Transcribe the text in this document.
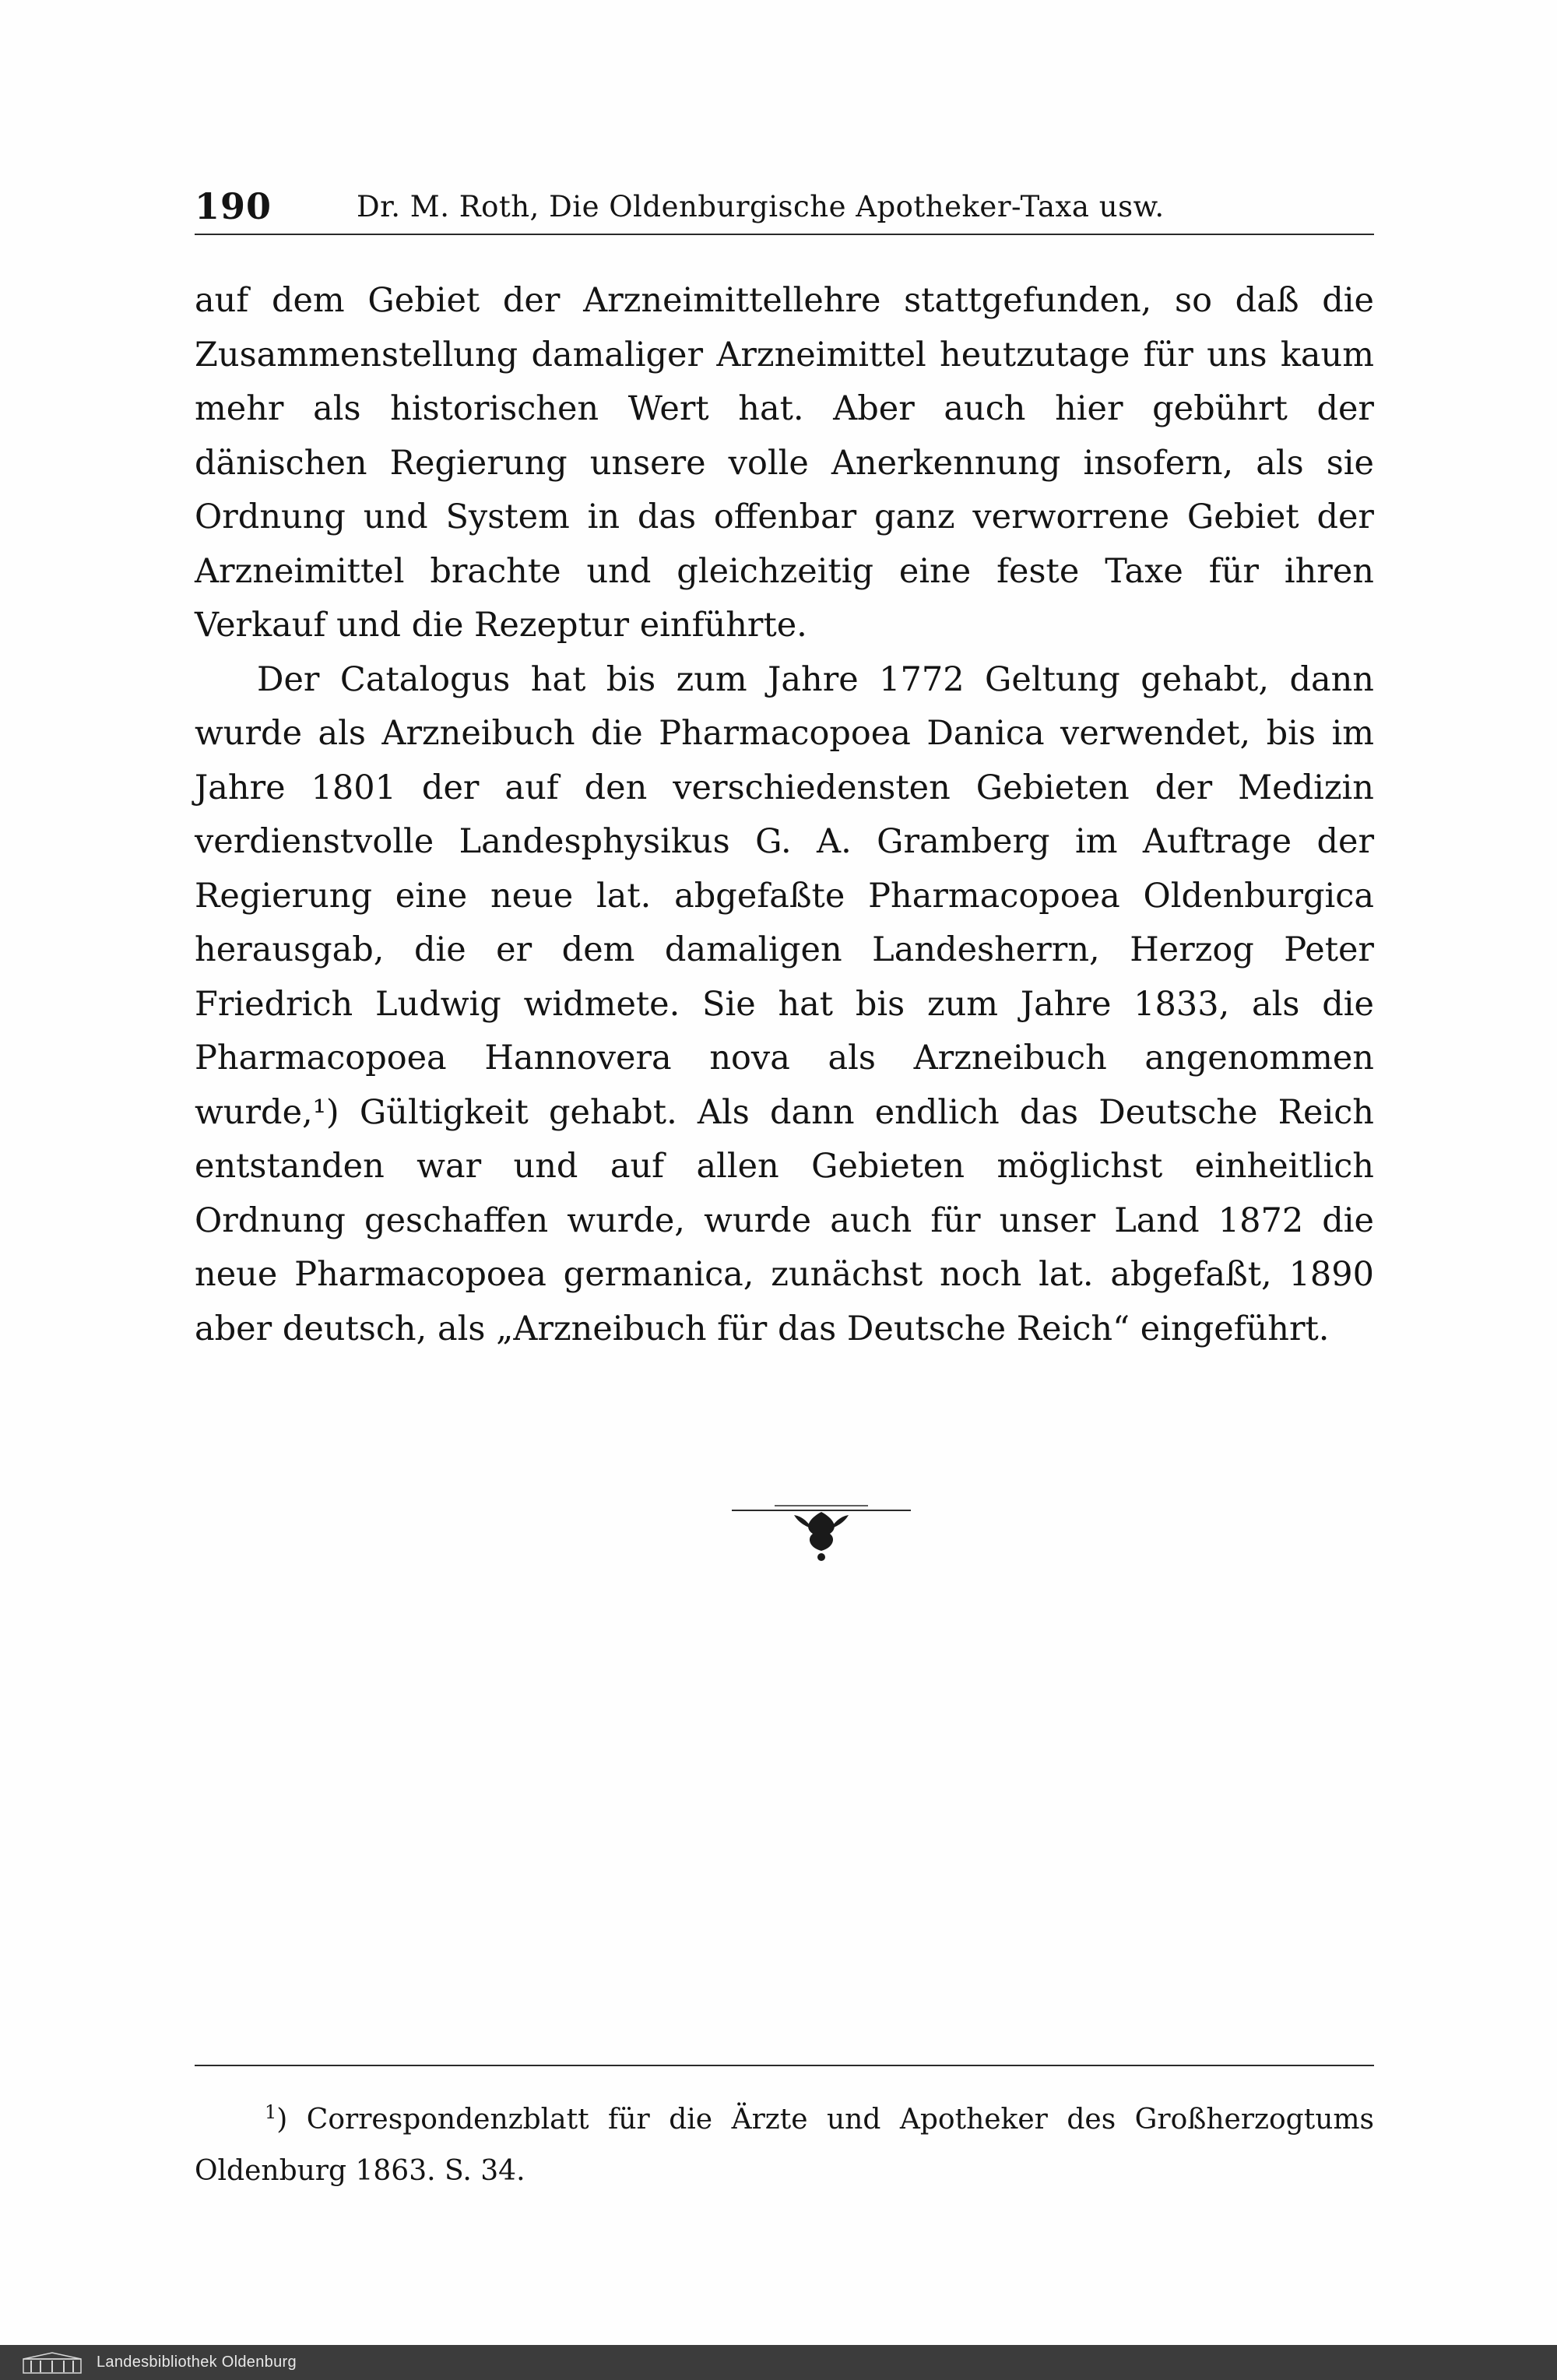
190	Dr. M. Roth, Die Oldenburgische Apotheker-Taxa usw.

auf dem Gebiet der Arzneimittellehre stattgefunden, so daß die Zusammenstellung damaliger Arzneimittel heutzutage für uns kaum mehr als historischen Wert hat. Aber auch hier gebührt der dänischen Regierung unsere volle Anerkennung insofern, als sie Ordnung und System in das offenbar ganz verworrene Gebiet der Arzneimittel brachte und gleichzeitig eine feste Taxe für ihren Verkauf und die Rezeptur einführte.

Der Catalogus hat bis zum Jahre 1772 Geltung gehabt, dann wurde als Arzneibuch die Pharmacopoea Danica verwendet, bis im Jahre 1801 der auf den verschiedensten Gebieten der Medizin verdienstvolle Landesphysikus G. A. Gramberg im Auftrage der Regierung eine neue lat. abgefaßte Pharmacopoea Oldenburgica herausgab, die er dem damaligen Landesherrn, Herzog Peter Friedrich Ludwig widmete. Sie hat bis zum Jahre 1833, als die Pharmacopoea Hannovera nova als Arzneibuch angenommen wurde,¹) Gültigkeit gehabt. Als dann endlich das Deutsche Reich entstanden war und auf allen Gebieten möglichst einheitlich Ordnung geschaffen wurde, wurde auch für unser Land 1872 die neue Pharmacopoea germanica, zunächst noch lat. abgefaßt, 1890 aber deutsch, als „Arzneibuch für das Deutsche Reich“ eingeführt.

$^1$) Correspondenzblatt für die Ärzte und Apotheker des Großherzogtums Oldenburg 1863. S. 34.

Landesbibliothek Oldenburg
